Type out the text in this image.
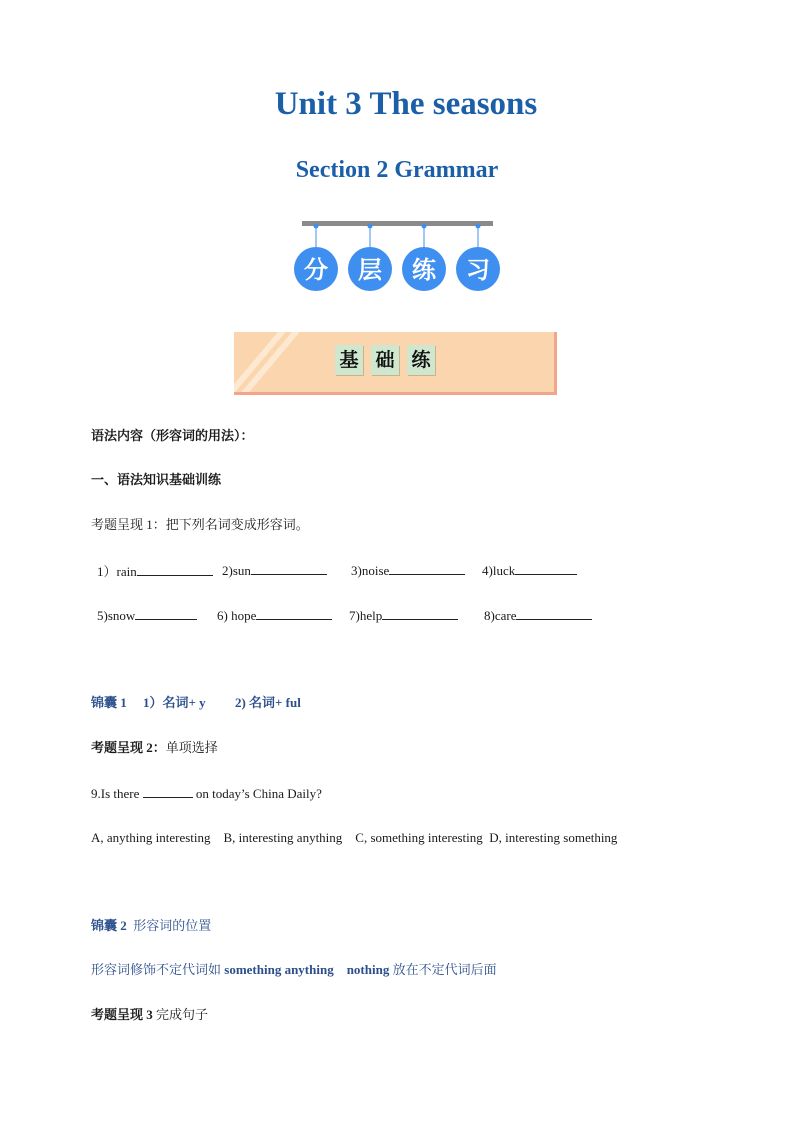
Unit 3 The seasons
Section 2 Grammar
分 层 练 习
基 础 练
语法内容（形容词的用法）：
一、语法知识基础训练
考题呈现 1：把下列名词变成形容词。
1）rain	2)sun	3)noise	4)luck
5)snow	6) hope	7)help	8)care
锦囊 1 1）名词+ y 2) 名词+ ful
考题呈现 2：单项选择
9.Is there	on today’s China Daily?
A, anything interesting    B, interesting anything    C, something interesting  D, interesting something
锦囊 2 形容词的位置
形容词修饰不定代词如 something anything    nothing 放在不定代词后面
考题呈现 3 完成句子
